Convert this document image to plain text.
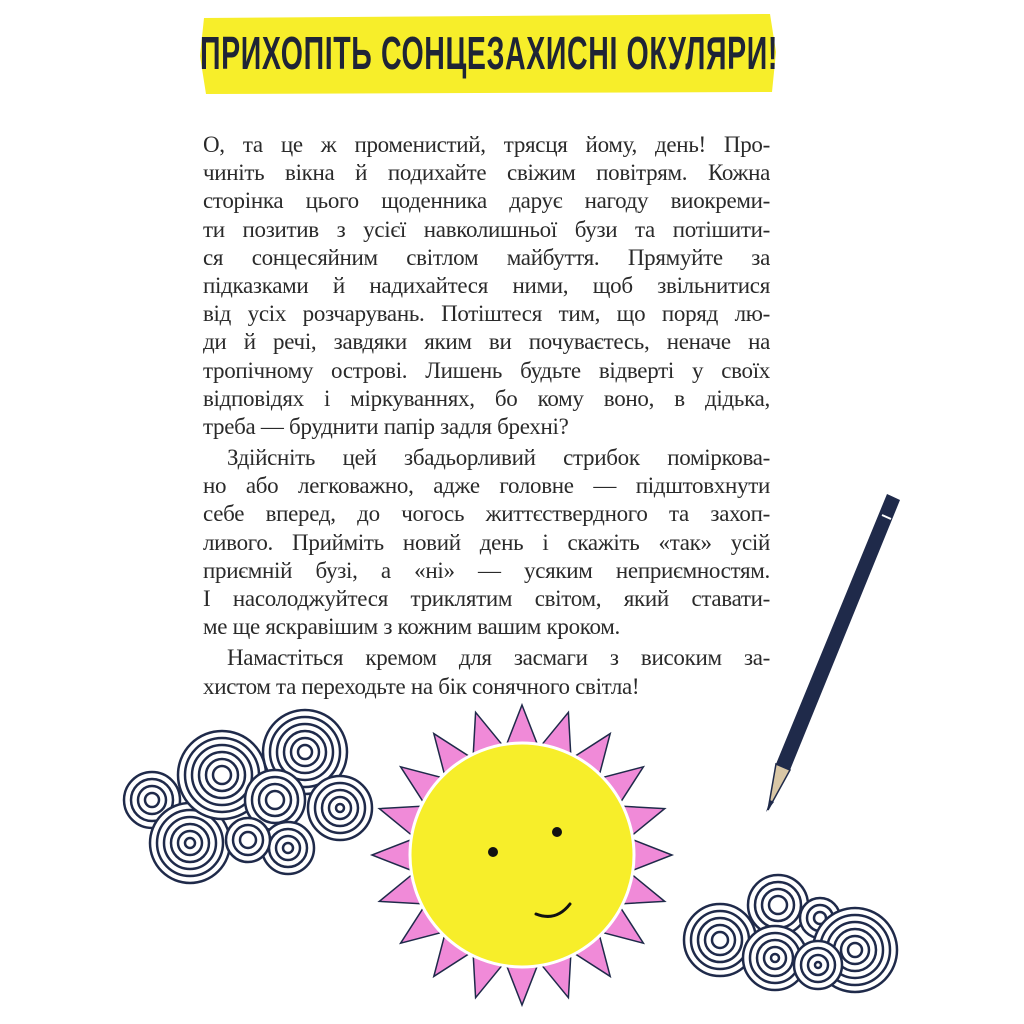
ПРИХОПІТЬ СОНЦЕЗАХИСНІ ОКУЛЯРИ!
О, та це ж променистий, трясця йому, день! Про-
чиніть вікна й подихайте свіжим повітрям. Кожна
сторінка цього щоденника дарує нагоду виокреми-
ти позитив з усієї навколишньої бузи та потішити-
ся сонцесяйним світлом майбуття. Прямуйте за
підказками й надихайтеся ними, щоб звільнитися
від усіх розчарувань. Потіштеся тим, що поряд лю-
ди й речі, завдяки яким ви почуваєтесь, неначе на
тропічному острові. Лишень будьте відверті у своїх
відповідях і міркуваннях, бо кому воно, в дідька,
треба — бруднити папір задля брехні?
Здійсніть цей збадьорливий стрибок поміркова-
но або легковажно, адже головне — підштовхнути
себе вперед, до чогось життєствердного та захоп-
ливого. Прийміть новий день і скажіть «так» усій
приємній бузі, а «ні» — усяким неприємностям.
І насолоджуйтеся триклятим світом, який ставати-
ме ще яскравішим з кожним вашим кроком.
Намастіться кремом для засмаги з високим за-
хистом та переходьте на бік сонячного світла!
